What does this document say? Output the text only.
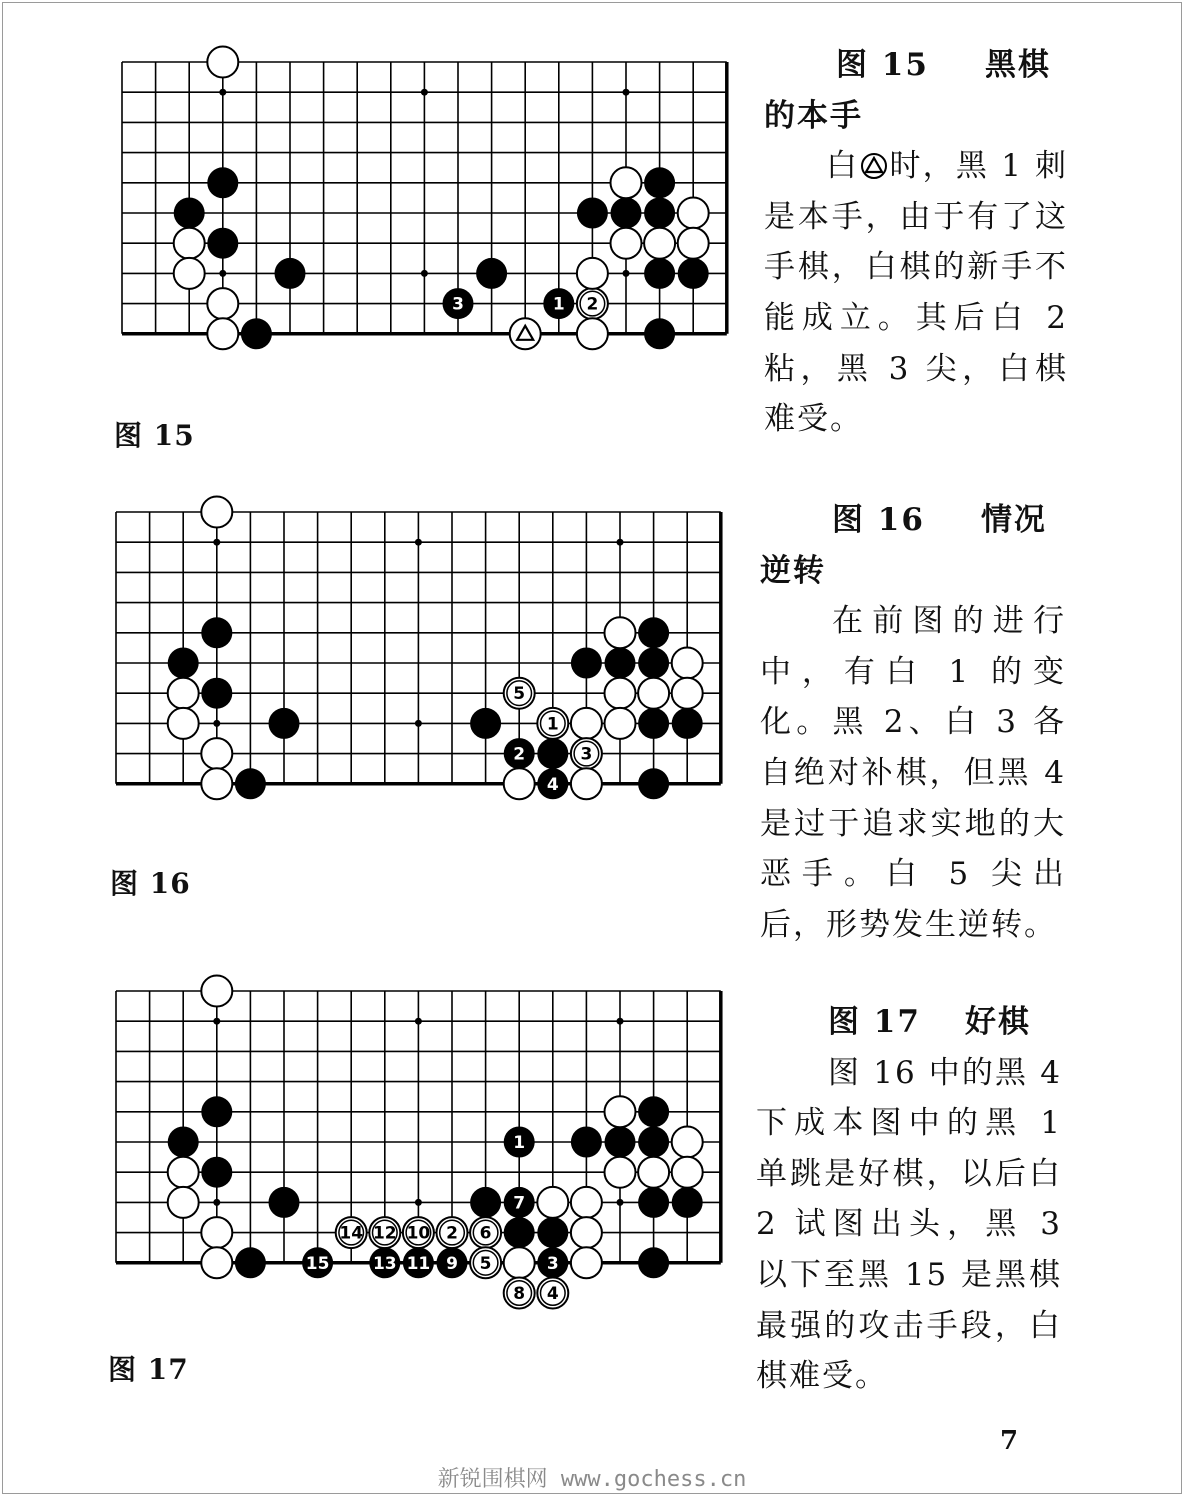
3	1 2
图 15
5
1
2	3
4
图 16
15
14 12 10 2 6
13 11 9 5	3
8 4
1
7
图 17

图 15 黑棋

的本手

白 时，黑 1 刺是本手，由于有了这手棋，白棋的新手不能成立。其后白 2 粘，黑 3 尖，白棋难受。

图 16 情况

逆转

在前图的进行中，有白 1 的变化。黑 2、白 3 各自绝对补棋，但黑 4 是过于追求实地的大恶手。白 5 尖出后，形势发生逆转。

图 17 好棋

图 16 中的黑 4 下成本图中的黑 1 单跳是好棋，以后白 2 试图出头，黑 3 以下至黑 15 是黑棋最强的攻击手段，白棋难受。

7
新锐围棋网 www.gochess.cn
